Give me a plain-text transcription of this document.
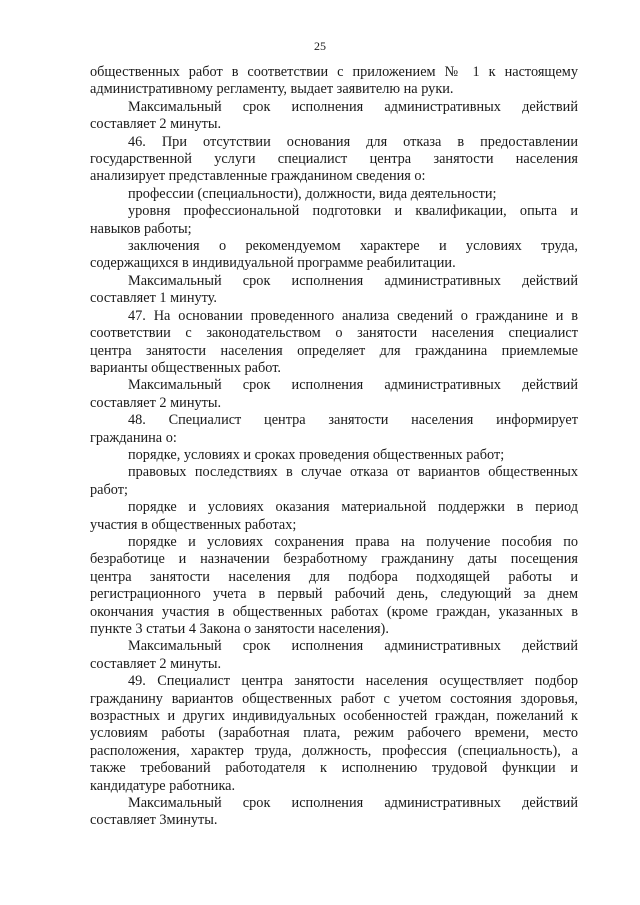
25
общественных работ в соответствии с приложением № 1 к настоящему
административному регламенту, выдает заявителю на руки.
Максимальный срок исполнения административных действий
составляет 2 минуты.
46. При отсутствии основания для отказа в предоставлении
государственной услуги специалист центра занятости населения
анализирует представленные гражданином сведения о:
профессии (специальности), должности, вида деятельности;
уровня профессиональной подготовки и квалификации, опыта и
навыков работы;
заключения о рекомендуемом характере и условиях труда,
содержащихся в индивидуальной программе реабилитации.
Максимальный срок исполнения административных действий
составляет 1 минуту.
47. На основании проведенного анализа сведений о гражданине и в
соответствии с законодательством о занятости населения специалист
центра занятости населения определяет для гражданина приемлемые
варианты общественных работ.
Максимальный срок исполнения административных действий
составляет 2 минуты.
48. Специалист центра занятости населения информирует
гражданина о:
порядке, условиях и сроках проведения общественных работ;
правовых последствиях в случае отказа от вариантов общественных
работ;
порядке и условиях оказания материальной поддержки в период
участия в общественных работах;
порядке и условиях сохранения права на получение пособия по
безработице и назначении безработному гражданину даты посещения
центра занятости населения для подбора подходящей работы и
регистрационного учета в первый рабочий день, следующий за днем
окончания участия в общественных работах (кроме граждан, указанных в
пункте 3 статьи 4 Закона о занятости населения).
Максимальный срок исполнения административных действий
составляет 2 минуты.
49. Специалист центра занятости населения осуществляет подбор
гражданину вариантов общественных работ с учетом состояния здоровья,
возрастных и других индивидуальных особенностей граждан, пожеланий к
условиям работы (заработная плата, режим рабочего времени, место
расположения, характер труда, должность, профессия (специальность), а
также требований работодателя к исполнению трудовой функции и
кандидатуре работника.
Максимальный срок исполнения административных действий
составляет 3минуты.
